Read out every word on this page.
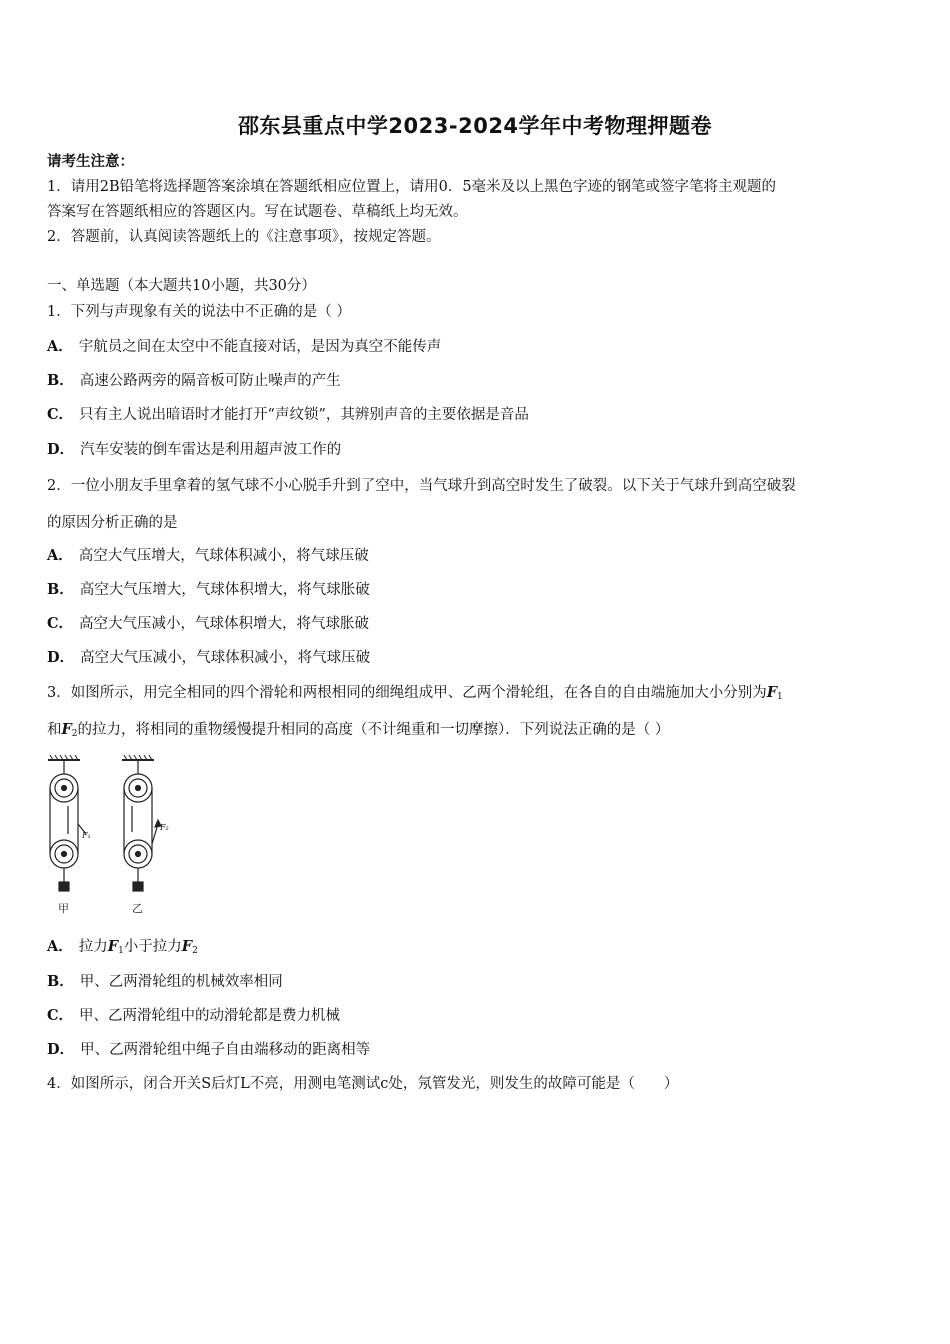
邵东县重点中学2023-2024学年中考物理押题卷
请考生注意：
1．请用2B铅笔将选择题答案涂填在答题纸相应位置上，请用0．5毫米及以上黑色字迹的钢笔或签字笔将主观题的
答案写在答题纸相应的答题区内。写在试题卷、草稿纸上均无效。
2．答题前，认真阅读答题纸上的《注意事项》，按规定答题。
一、单选题（本大题共10小题，共30分）
1．下列与声现象有关的说法中不正确的是（ ）
A． 宇航员之间在太空中不能直接对话，是因为真空不能传声
B． 高速公路两旁的隔音板可防止噪声的产生
C． 只有主人说出暗语时才能打开“声纹锁”，其辨别声音的主要依据是音品
D． 汽车安装的倒车雷达是利用超声波工作的
2．一位小朋友手里拿着的氢气球不小心脱手升到了空中，当气球升到高空时发生了破裂。以下关于气球升到高空破裂
的原因分析正确的是
A． 高空大气压增大，气球体积减小，将气球压破
B． 高空大气压增大，气球体积增大，将气球胀破
C． 高空大气压减小，气球体积增大，将气球胀破
D． 高空大气压减小，气球体积减小，将气球压破
3．如图所示，用完全相同的四个滑轮和两根相同的细绳组成甲、乙两个滑轮组，在各自的自由端施加大小分别为$F_1$
和$F_2$的拉力，将相同的重物缓慢提升相同的高度（不计绳重和一切摩擦）．下列说法正确的是（ ）
F₁
甲
F₂
乙
A． 拉力$F_1$小于拉力$F_2$
B． 甲、乙两滑轮组的机械效率相同
C． 甲、乙两滑轮组中的动滑轮都是费力机械
D． 甲、乙两滑轮组中绳子自由端移动的距离相等
4．如图所示，闭合开关S后灯L不亮，用测电笔测试c处，氖管发光，则发生的故障可能是（　　）
